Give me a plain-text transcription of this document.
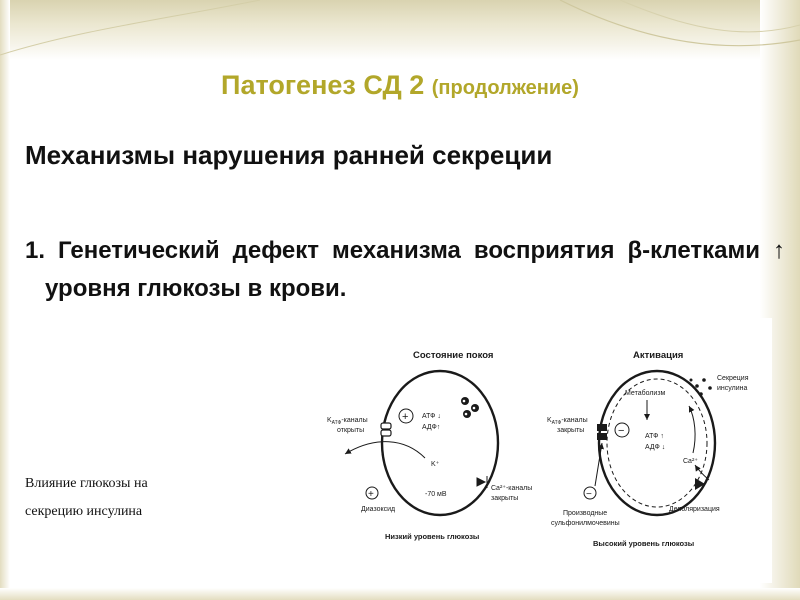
Патогенез СД 2 (продолжение)
Механизмы нарушения ранней секреции
1. Генетический дефект механизма восприятия β-клетками ↑ уровня глюкозы в крови.
Влияние глюкозы на
секрецию инсулина
Состояние покоя
$K_{АТФ}$-каналы
открыты
+ АТФ ↓
АДФ↑
K⁺
-70 мВ
Ca²⁺-каналы
закрыты
+
Диазоксид
Низкий уровень глюкозы
Активация
Метаболизм
$K_{АТФ}$-каналы
закрыты	−	АТФ ↑
АДФ ↓
Ca²⁺
Секреция
инсулина
Деполяризация
−
Производные
сульфонилмочевины
Высокий уровень глюкозы
